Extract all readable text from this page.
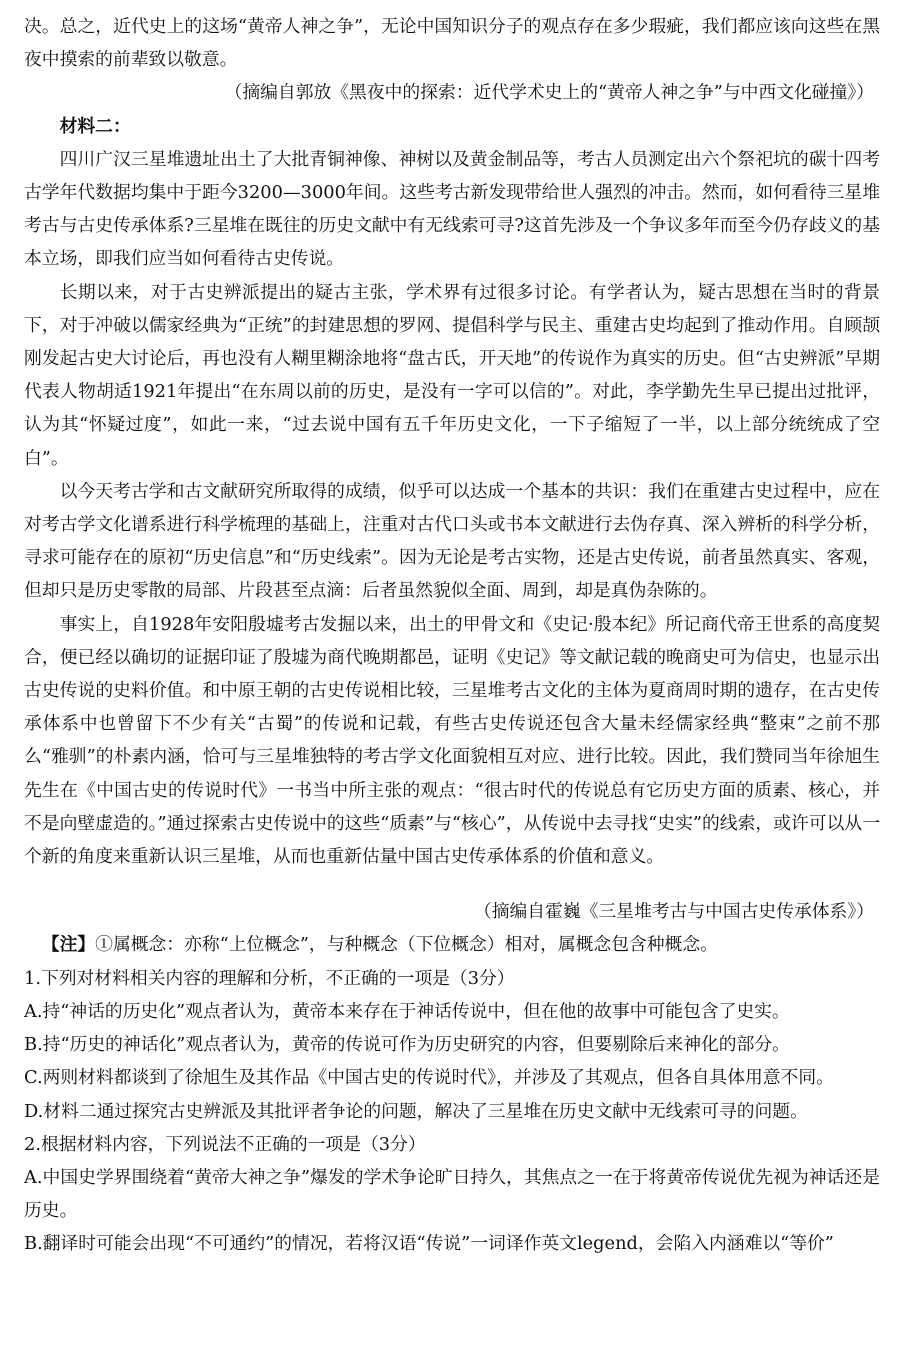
决。总之，近代史上的这场“黄帝人神之争”，无论中国知识分子的观点存在多少瑕疵，我们都应该向这些在黑夜中摸索的前辈致以敬意。

（摘编自郭放《黑夜中的探索：近代学术史上的“黄帝人神之争”与中西文化碰撞》）

材料二：

四川广汉三星堆遗址出土了大批青铜神像、神树以及黄金制品等，考古人员测定出六个祭祀坑的碳十四考古学年代数据均集中于距今3200—3000年间。这些考古新发现带给世人强烈的冲击。然而，如何看待三星堆考古与古史传承体系?三星堆在既往的历史文献中有无线索可寻?这首先涉及一个争议多年而至今仍存歧义的基本立场，即我们应当如何看待古史传说。

长期以来，对于古史辨派提出的疑古主张，学术界有过很多讨论。有学者认为，疑古思想在当时的背景下，对于冲破以儒家经典为“正统”的封建思想的罗网、提倡科学与民主、重建古史均起到了推动作用。自顾颉刚发起古史大讨论后，再也没有人糊里糊涂地将“盘古氏，开天地”的传说作为真实的历史。但“古史辨派”早期代表人物胡适1921年提出“在东周以前的历史，是没有一字可以信的”。对此，李学勤先生早已提出过批评，认为其“怀疑过度”，如此一来，“过去说中国有五千年历史文化，一下子缩短了一半，以上部分统统成了空白”。

以今天考古学和古文献研究所取得的成绩，似乎可以达成一个基本的共识：我们在重建古史过程中，应在对考古学文化谱系进行科学梳理的基础上，注重对古代口头或书本文献进行去伪存真、深入辨析的科学分析，寻求可能存在的原初“历史信息”和“历史线索”。因为无论是考古实物，还是古史传说，前者虽然真实、客观，但却只是历史零散的局部、片段甚至点滴：后者虽然貌似全面、周到，却是真伪杂陈的。

事实上，自1928年安阳殷墟考古发掘以来，出土的甲骨文和《史记·殷本纪》所记商代帝王世系的高度契合，便已经以确切的证据印证了殷墟为商代晚期都邑，证明《史记》等文献记载的晚商史可为信史，也显示出古史传说的史料价值。和中原王朝的古史传说相比较，三星堆考古文化的主体为夏商周时期的遗存，在古史传承体系中也曾留下不少有关“古蜀”的传说和记载，有些古史传说还包含大量未经儒家经典“整束”之前不那么“雅驯”的朴素内涵，恰可与三星堆独特的考古学文化面貌相互对应、进行比较。因此，我们赞同当年徐旭生先生在《中国古史的传说时代》一书当中所主张的观点：“很古时代的传说总有它历史方面的质素、核心，并不是向壁虚造的。”通过探索古史传说中的这些“质素”与“核心”，从传说中去寻找“史实”的线索，或许可以从一个新的角度来重新认识三星堆，从而也重新估量中国古史传承体系的价值和意义。

（摘编自霍巍《三星堆考古与中国古史传承体系》）

【注】①属概念：亦称“上位概念”，与种概念（下位概念）相对，属概念包含种概念。

1.下列对材料相关内容的理解和分析，不正确的一项是（3分）

A.持“神话的历史化”观点者认为，黄帝本来存在于神话传说中，但在他的故事中可能包含了史实。

B.持“历史的神话化”观点者认为，黄帝的传说可作为历史研究的内容，但要剔除后来神化的部分。

C.两则材料都谈到了徐旭生及其作品《中国古史的传说时代》，并涉及了其观点，但各自具体用意不同。

D.材料二通过探究古史辨派及其批评者争论的问题，解决了三星堆在历史文献中无线索可寻的问题。

2.根据材料内容，下列说法不正确的一项是（3分）

A.中国史学界围绕着“黄帝大神之争”爆发的学术争论旷日持久，其焦点之一在于将黄帝传说优先视为神话还是历史。

B.翻译时可能会出现“不可通约”的情况，若将汉语“传说”一词译作英文legend，会陷入内涵难以“等价”
